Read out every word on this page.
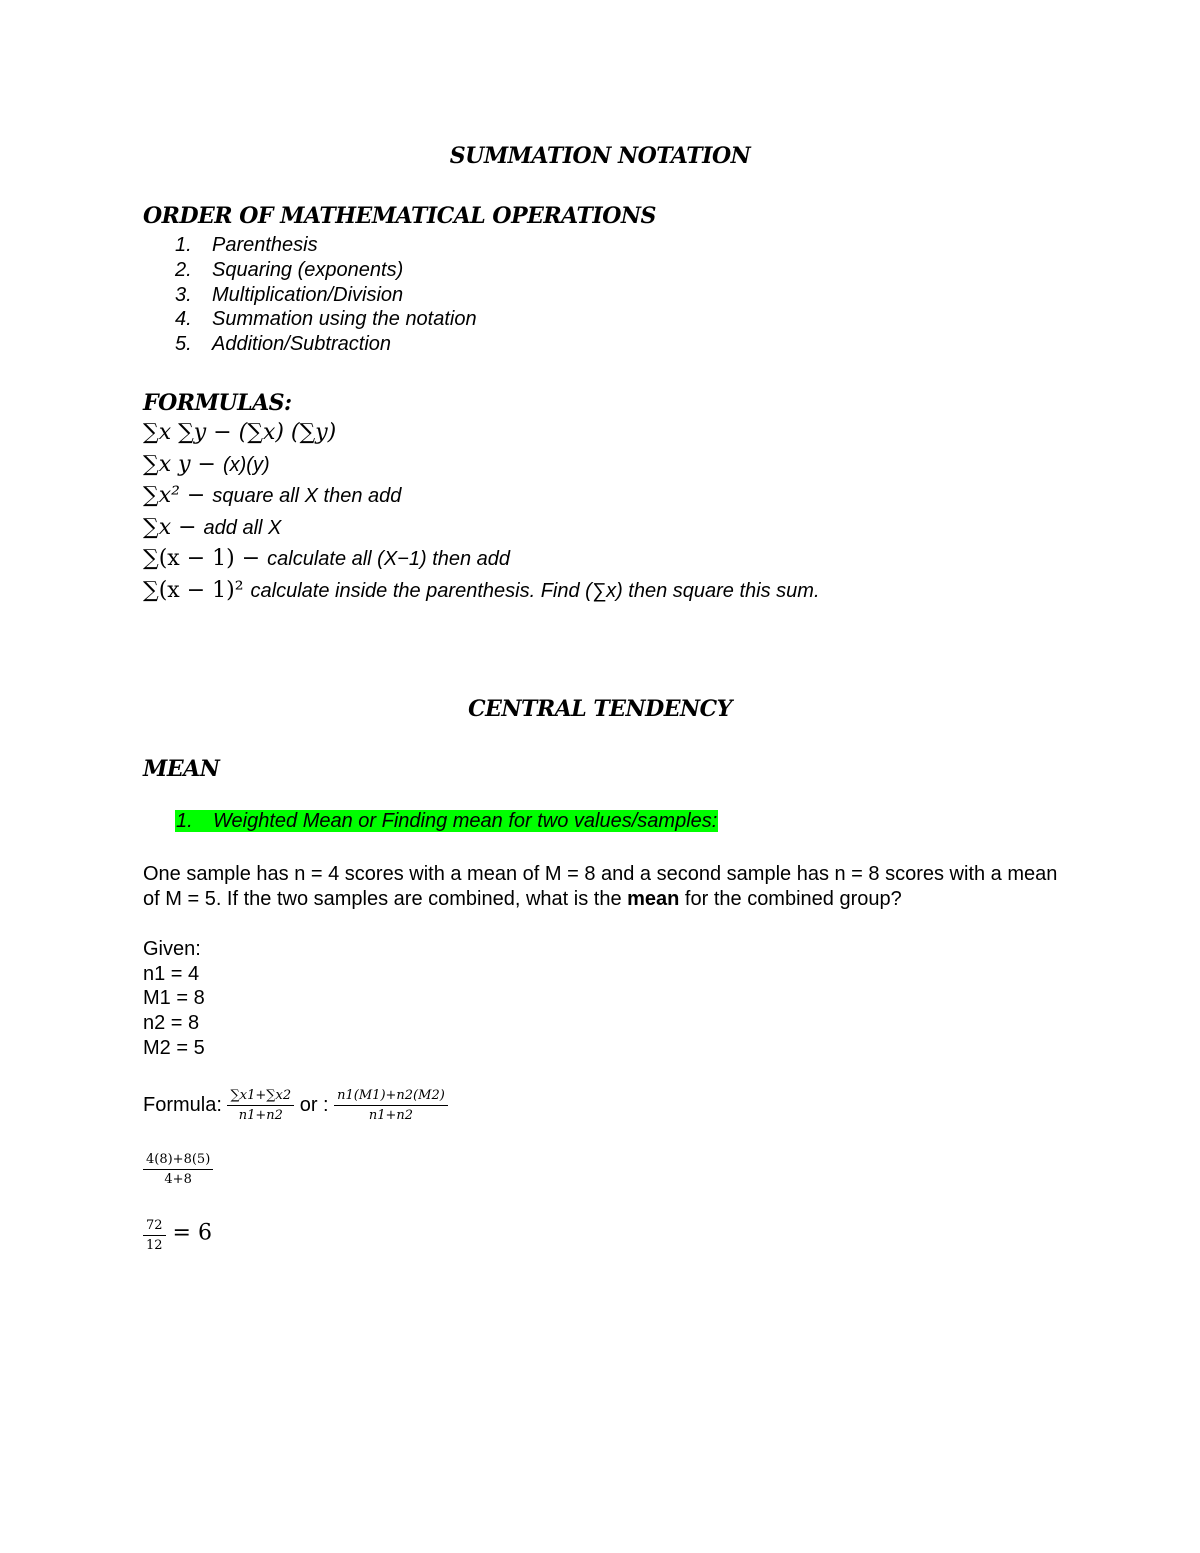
SUMMATION NOTATION
ORDER OF MATHEMATICAL OPERATIONS
1. Parenthesis
2. Squaring (exponents)
3. Multiplication/Division
4. Summation using the notation
5. Addition/Subtraction
FORMULAS:
∑x ∑y − (∑x) (∑y)
∑x y − (x)(y)
∑x² − square all X then add
∑x − add all X
∑(x − 1) − calculate all (X−1) then add
∑(x − 1)² calculate inside the parenthesis. Find (∑x) then square this sum.
CENTRAL TENDENCY
MEAN
1. Weighted Mean or Finding mean for two values/samples:
One sample has n = 4 scores with a mean of M = 8 and a second sample has n = 8 scores with a mean of M = 5. If the two samples are combined, what is the mean for the combined group?
Given:
n1 = 4
M1 = 8
n2 = 8
M2 = 5
Formula: $\frac{\sum x1+\sum x2}{n1+n2}$ or : $\frac{n1(M1)+n2(M2)}{n1+n2}$
$\frac{4(8)+8(5)}{4+8}$
$\frac{72}{12} = 6$
